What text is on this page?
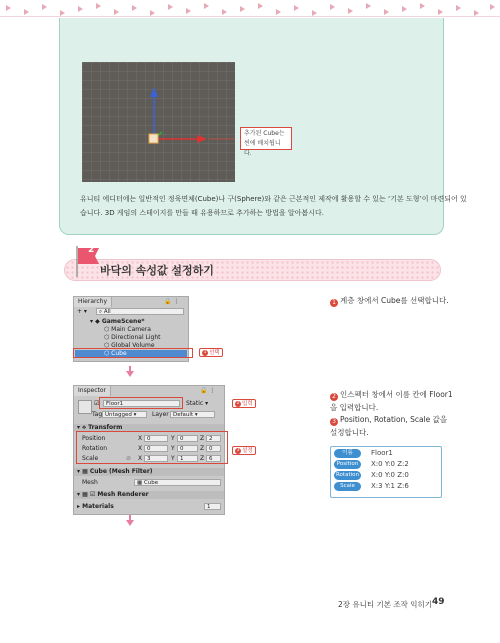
추가된 Cube는
씬에 배치됩니다.
유니티 에디터에는 일반적인 정육면체(Cube)나 구(Sphere)와 같은 근본적인 제작에 활용할 수 있는 ‘기본 도형’이 마련되어 있
습니다. 3D 게임의 스테이지를 만들 때 유용하므로 추가하는 방법을 알아봅시다.
2
바닥의 속성값 설정하기
Hierarchy	🔒 ⋮
+ ▾	⌕ All
▾ ◆ GameScene*
⬡ Main Camera
⬡ Directional Light
⬡ Global Volume
⬡ Cube	1 선택
Inspector	🔒 ⋮
☑	Floor1	Static ▾
Tag Untagged ▾	Layer Default ▾
▾ ⟡ Transform
Position	X 0	Y 0	Z 2
Rotation	X 0	Y 0	Z 0
Scale	⊘ X 3	Y 1	Z 6
▾ ▦ Cube (Mesh Filter)
Mesh	▦ Cube
▾ ▦ ☑ Mesh Renderer
▸ Materials	1
2 입력
3 설정
1 계층 창에서 Cube를 선택합니다.
2 인스펙터 창에서 이름 칸에 Floor1
을 입력합니다.
3 Position, Rotation, Scale 값을
설정합니다.
이름	Floor1
Position	X:0 Y:0 Z:2
Rotation X:0 Y:0 Z:0
Scale	X:3 Y:1 Z:6
2장 유니티 기본 조작 익히기 49
